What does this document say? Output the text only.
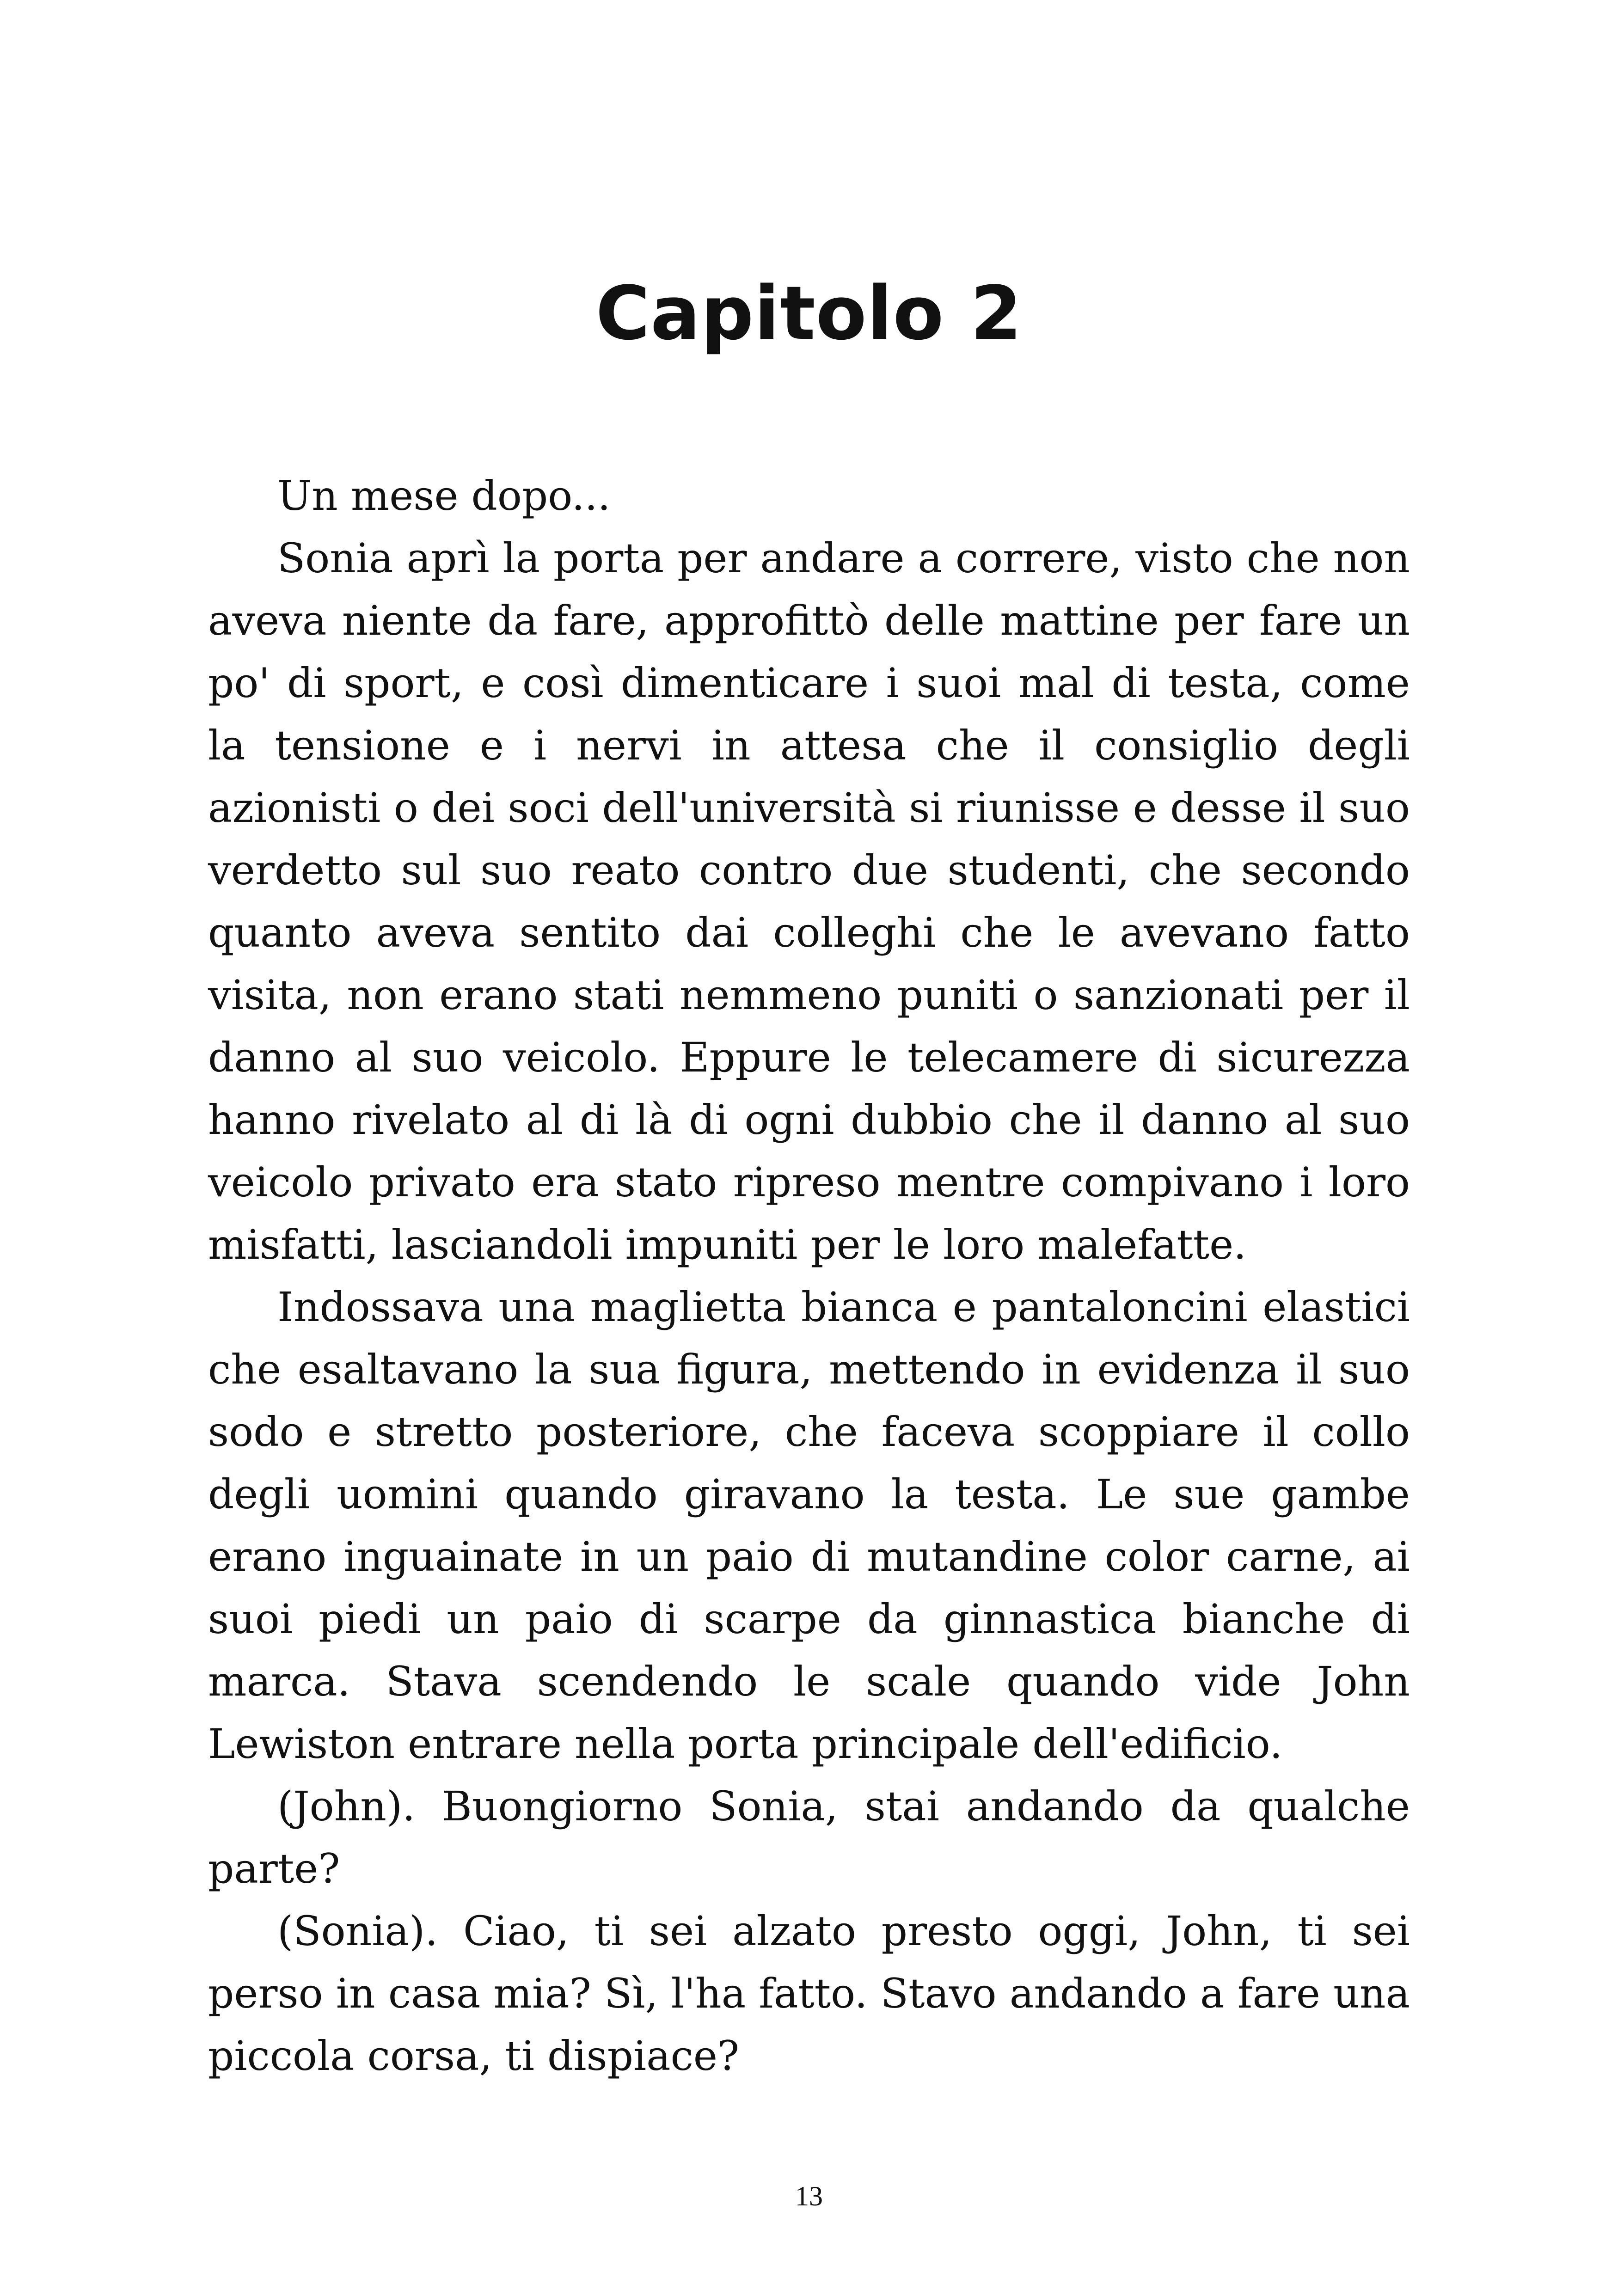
Capitolo 2

Un mese dopo...

Sonia aprì la porta per andare a correre, visto che non aveva niente da fare, approfittò delle mattine per fare un po' di sport, e così dimenticare i suoi mal di testa, come la tensione e i nervi in attesa che il consiglio degli azionisti o dei soci dell'università si riunisse e desse il suo verdetto sul suo reato contro due studenti, che secondo quanto aveva sentito dai colleghi che le avevano fatto visita, non erano stati nemmeno puniti o sanzionati per il danno al suo veicolo. Eppure le telecamere di sicurezza hanno rivelato al di là di ogni dubbio che il danno al suo veicolo privato era stato ripreso mentre compivano i loro misfatti, lasciandoli impuniti per le loro malefatte.

Indossava una maglietta bianca e pantaloncini elastici che esaltavano la sua figura, mettendo in evidenza il suo sodo e stretto posteriore, che faceva scoppiare il collo degli uomini quando giravano la testa. Le sue gambe erano inguainate in un paio di mutandine color carne, ai suoi piedi un paio di scarpe da ginnastica bianche di marca. Stava scendendo le scale quando vide John Lewiston entrare nella porta principale dell'edificio.

(John). Buongiorno Sonia, stai andando da qualche parte?

(Sonia). Ciao, ti sei alzato presto oggi, John, ti sei perso in casa mia? Sì, l'ha fatto. Stavo andando a fare una piccola corsa, ti dispiace?

13
